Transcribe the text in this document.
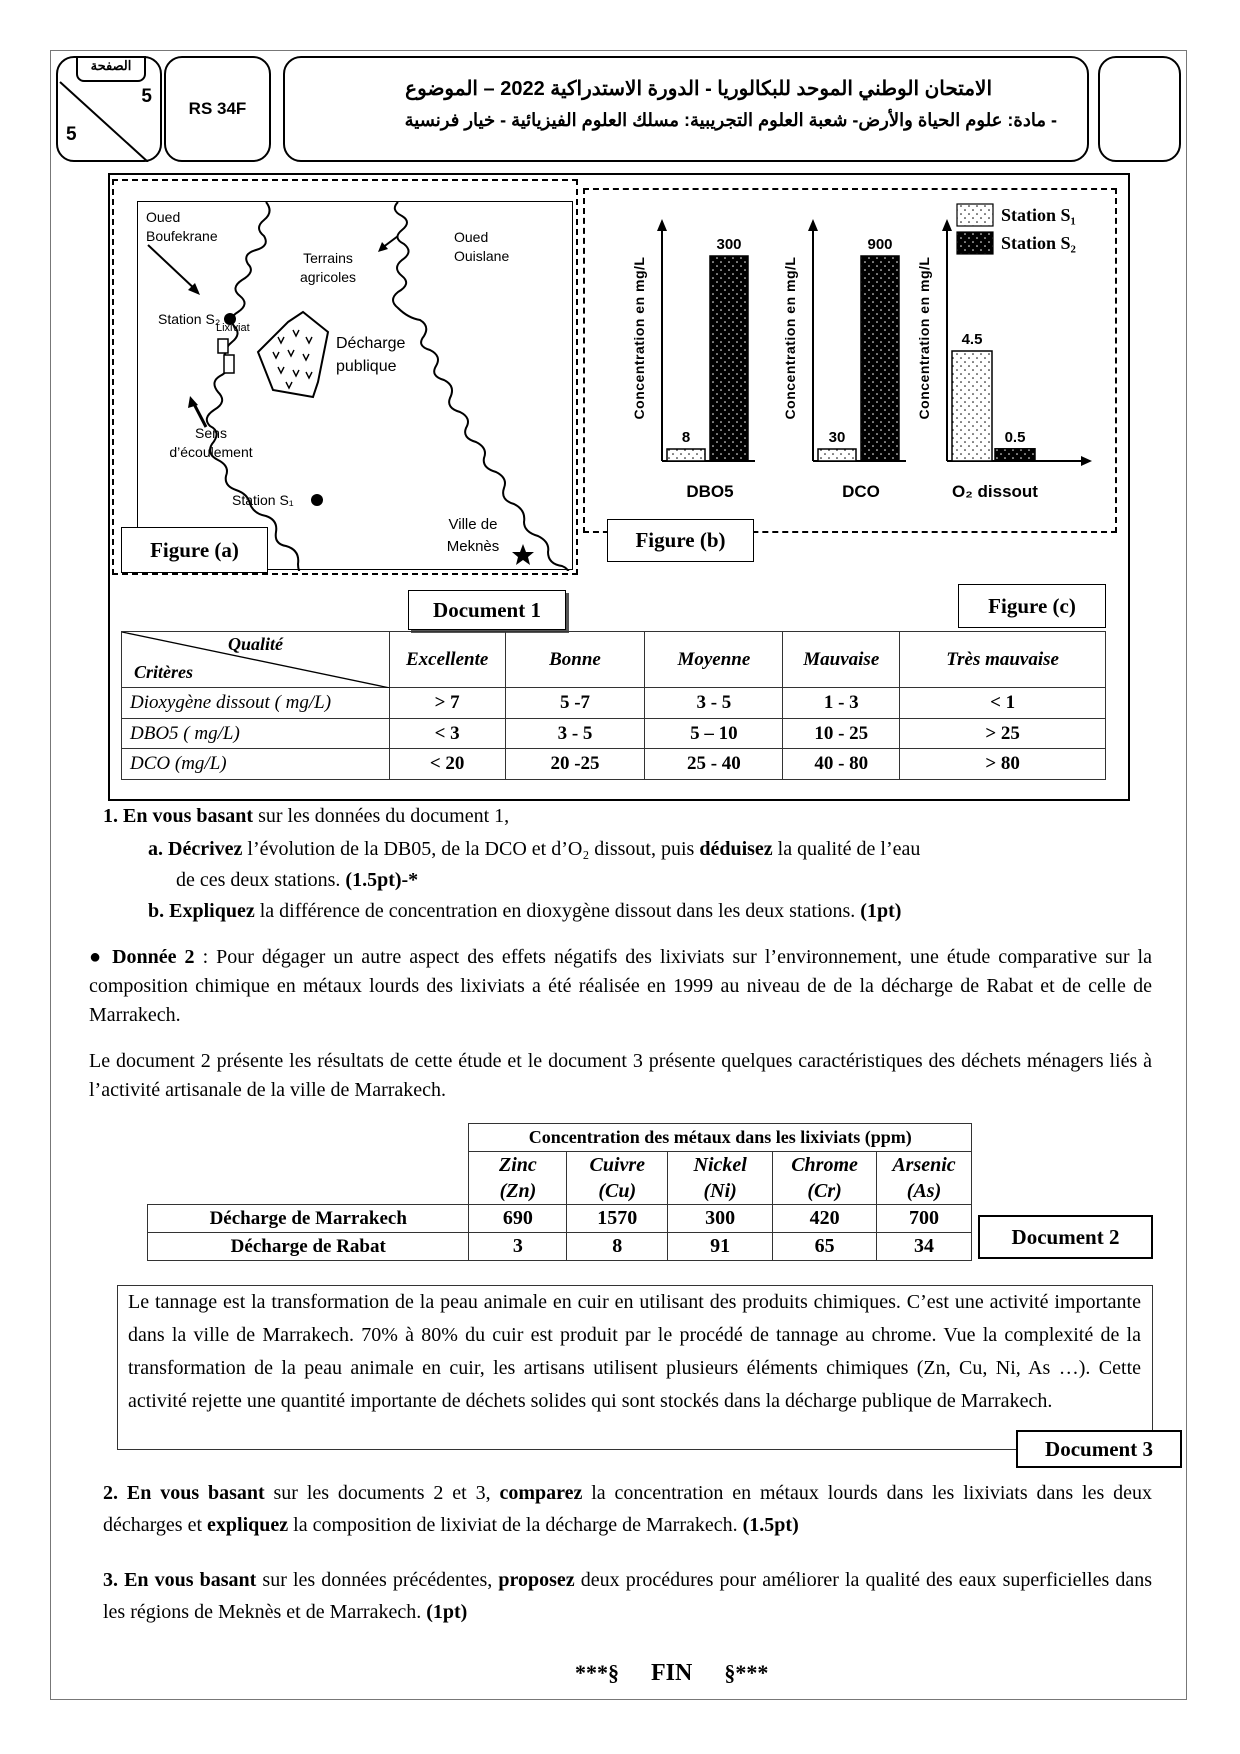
الصفحة
5
5
RS 34F
الامتحان الوطني الموحد للبكالوريا - الدورة الاستدراكية 2022 – الموضوع
- مادة: علوم الحياة والأرض- شعبة العلوم التجريبية: مسلك العلوم الفيزيائية - خيار فرنسية
Oued Boufekrane
Terrains agricoles
Oued Ouislane
Station S₂
Lixiviat
Décharge publique
Sens d’écoulement
Station S₁
Ville de Meknès
Figure (a)
8
300
DBO5
Concentration en mg/L
30
900
DCO
Concentration en mg/L	4.5
0.5
O₂ dissout
Concentration en mg/L
Station S₁
Station S₂
Figure (b)
Document 1	Figure (c)
Qualité
Critères	Excellente	Bonne	Moyenne	Mauvaise	Très mauvaise
Dioxygène dissout ( mg/L)	> 7	5 -7	3 - 5	1 - 3	< 1
DBO5 ( mg/L)	< 3	3 - 5	5 – 10	10 - 25	> 25
DCO (mg/L)	< 20	20 -25	25 - 40	40 - 80	> 80
1. En vous basant sur les données du document 1,
a. Décrivez l’évolution de la DB05, de la DCO et d’O₂ dissout, puis déduisez la qualité de l’eau
de ces deux stations. (1.5pt)-*
b. Expliquez la différence de concentration en dioxygène dissout dans les deux stations. (1pt)
● Donnée 2 : Pour dégager un autre aspect des effets négatifs des lixiviats sur l’environnement, une étude comparative sur la composition chimique en métaux lourds des lixiviats a été réalisée en 1999 au niveau de de la décharge de Rabat et de celle de Marrakech.
Le document 2 présente les résultats de cette étude et le document 3 présente quelques caractéristiques des déchets ménagers liés à l’activité artisanale de la ville de Marrakech.
	Concentration des métaux dans les lixiviats (ppm)				
	Zinc
(Zn)	Cuivre
(Cu)	Nickel
(Ni)	Chrome
(Cr)	Arsenic
(As)
Décharge de Marrakech	690	1570	300	420	700
Décharge de Rabat	3	8	91	65	34	Document 2
Le tannage est la transformation de la peau animale en cuir en utilisant des produits chimiques. C’est une activité importante dans la ville de Marrakech. 70% à 80% du cuir est produit par le procédé de tannage au chrome. Vue la complexité de la transformation de la peau animale en cuir, les artisans utilisent plusieurs éléments chimiques (Zn, Cu, Ni, As …). Cette activité rejette une quantité importante de déchets solides qui sont stockés dans la décharge publique de Marrakech.
Document 3
2. En vous basant sur les documents 2 et 3, comparez la concentration en métaux lourds dans les lixiviats dans les deux décharges et expliquez la composition de lixiviat de la décharge de Marrakech. (1.5pt)
3. En vous basant sur les données précédentes, proposez deux procédures pour améliorer la qualité des eaux superficielles dans les régions de Meknès et de Marrakech. (1pt)
***§ FIN §***
